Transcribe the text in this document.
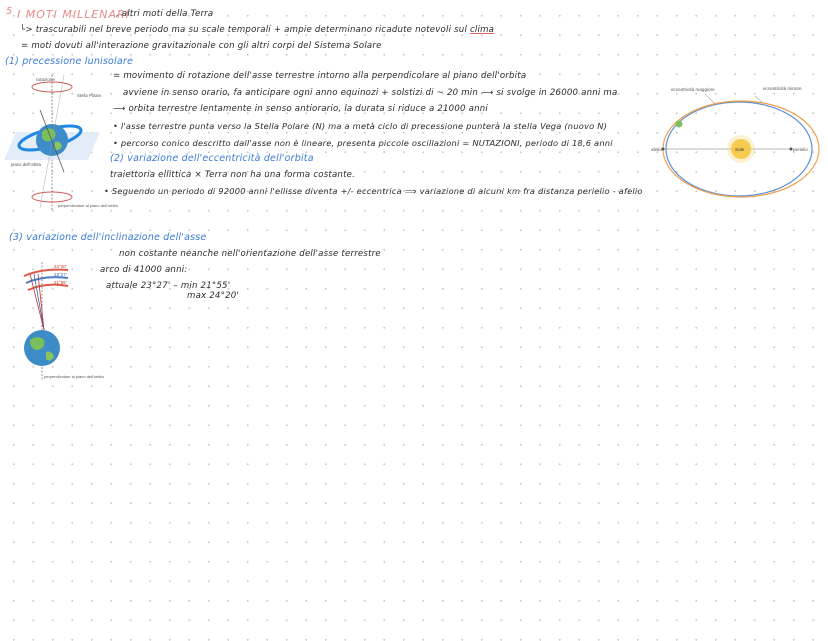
5 I MOTI MILLENARI
, altri moti della Terra
└> trascurabili nel breve periodo ma su scale temporali + ampie determinano ricadute notevoli sul clima
= moti dovuti all'interazione gravitazionale con gli altri corpi del Sistema Solare
(1) precessione lunisolare
= movimento di rotazione dell'asse terrestre intorno alla perpendicolare al piano dell'orbita
avviene in senso orario, fa anticipare ogni anno equinozi + solstizi di ~ 20 min ⟶ si svolge in 26000 anni ma
⟶ orbita terrestre lentamente in senso antiorario, la durata si riduce a 21000 anni
• l'asse terrestre punta verso la Stella Polare (N) ma a metà ciclo di precessione punterà la stella Vega (nuovo N)
• percorso conico descritto dall'asse non è lineare, presenta piccole oscillazioni = NUTAZIONI, periodo di 18,6 anni
(2) variazione dell'eccentricità dell'orbita
traiettoria ellittica × Terra non ha una forma costante.
• Seguendo un periodo di 92000 anni l'ellisse diventa +/- eccentrica ⟹ variazione di alcuni km fra distanza perielio - afelio
(3) variazione dell'inclinazione dell'asse
non costante neanche nell'orientazione dell'asse terrestre
arco di 41000 anni:
attuale 23°27' – min 21°55'
max 24°20'
rotazione
Stella Polare
piano dell'orbita
perpendicolare al piano dell'orbita
eccentricità maggiore	eccentricità minore
afelio	perielio
Sole
24°20'
23°27'
21°55'
perpendicolare al piano dell'orbita
